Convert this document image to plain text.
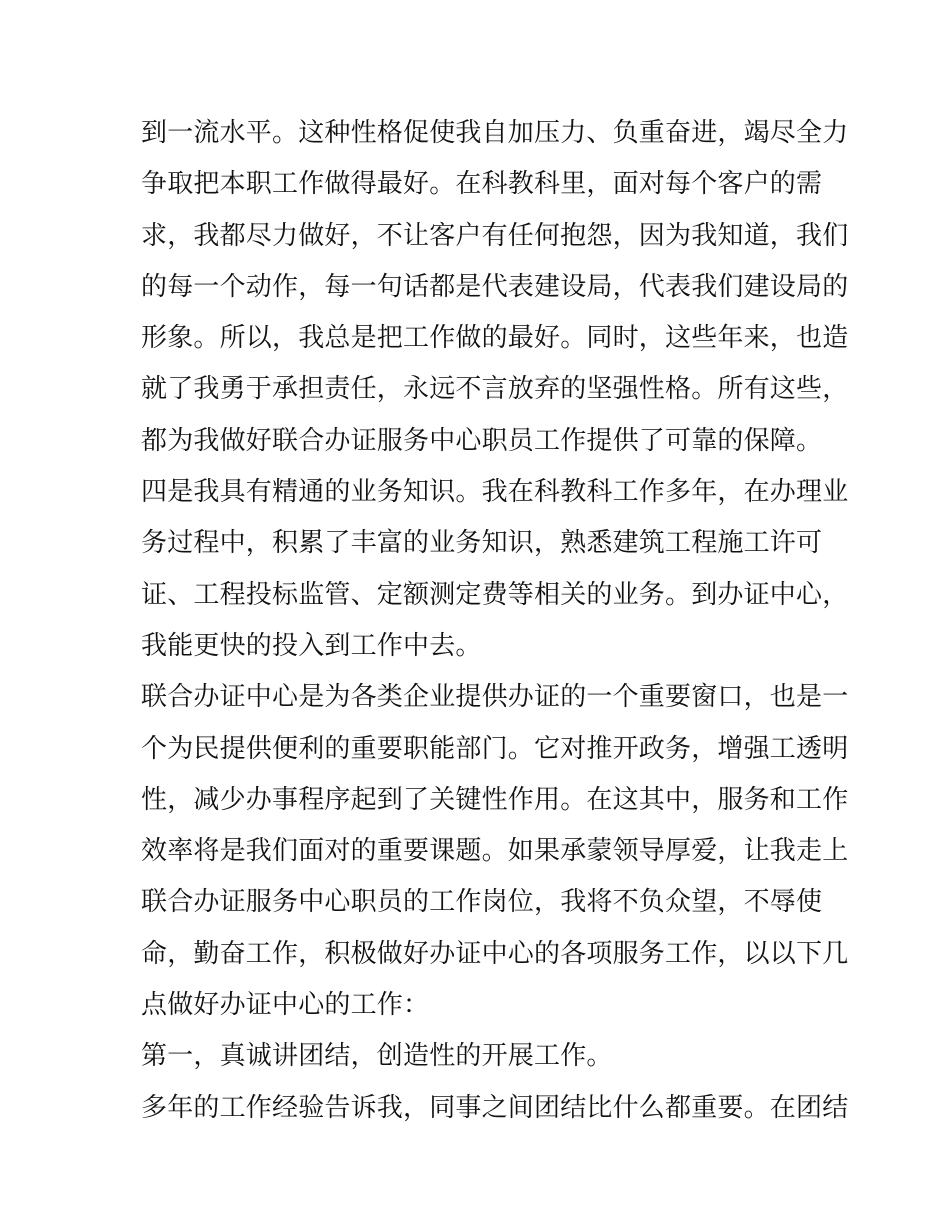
到一流水平。这种性格促使我自加压力、负重奋进，竭尽全力
争取把本职工作做得最好。在科教科里，面对每个客户的需
求，我都尽力做好，不让客户有任何抱怨，因为我知道，我们
的每一个动作，每一句话都是代表建设局，代表我们建设局的
形象。所以，我总是把工作做的最好。同时，这些年来，也造
就了我勇于承担责任，永远不言放弃的坚强性格。所有这些，
都为我做好联合办证服务中心职员工作提供了可靠的保障。
四是我具有精通的业务知识。我在科教科工作多年，在办理业
务过程中，积累了丰富的业务知识，熟悉建筑工程施工许可
证、工程投标监管、定额测定费等相关的业务。到办证中心，
我能更快的投入到工作中去。
联合办证中心是为各类企业提供办证的一个重要窗口，也是一
个为民提供便利的重要职能部门。它对推开政务，增强工透明
性，减少办事程序起到了关键性作用。在这其中，服务和工作
效率将是我们面对的重要课题。如果承蒙领导厚爱，让我走上
联合办证服务中心职员的工作岗位，我将不负众望，不辱使
命，勤奋工作，积极做好办证中心的各项服务工作，以以下几
点做好办证中心的工作：
第一，真诚讲团结，创造性的开展工作。
多年的工作经验告诉我，同事之间团结比什么都重要。在团结
